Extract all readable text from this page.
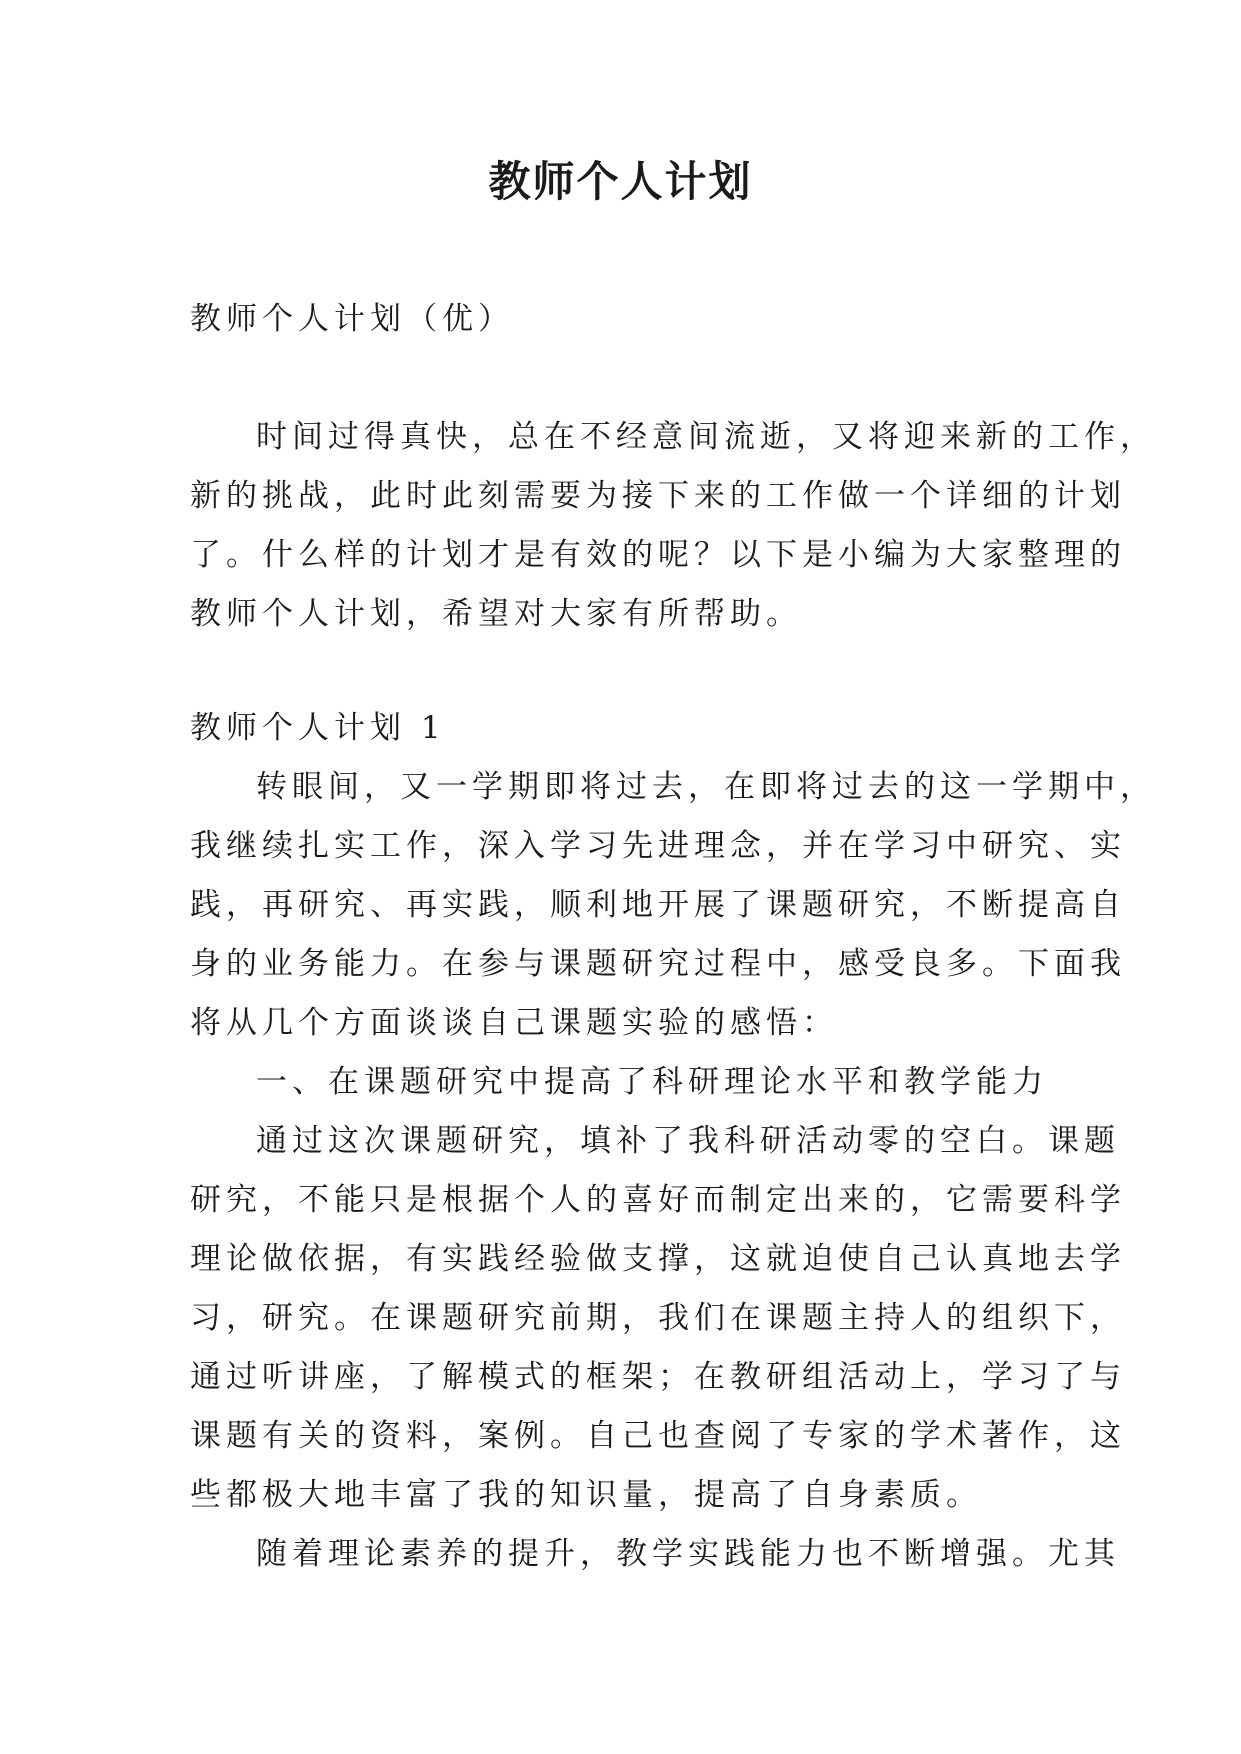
教师个人计划
教师个人计划（优）
时间过得真快，总在不经意间流逝，又将迎来新的工作，
新的挑战，此时此刻需要为接下来的工作做一个详细的计划
了。什么样的计划才是有效的呢？以下是小编为大家整理的
教师个人计划，希望对大家有所帮助。
教师个人计划 1
转眼间，又一学期即将过去，在即将过去的这一学期中，
我继续扎实工作，深入学习先进理念，并在学习中研究、实
践，再研究、再实践，顺利地开展了课题研究，不断提高自
身的业务能力。在参与课题研究过程中，感受良多。下面我
将从几个方面谈谈自己课题实验的感悟：
一、在课题研究中提高了科研理论水平和教学能力
通过这次课题研究，填补了我科研活动零的空白。课题
研究，不能只是根据个人的喜好而制定出来的，它需要科学
理论做依据，有实践经验做支撑，这就迫使自己认真地去学
习，研究。在课题研究前期，我们在课题主持人的组织下，
通过听讲座，了解模式的框架；在教研组活动上，学习了与
课题有关的资料，案例。自己也查阅了专家的学术著作，这
些都极大地丰富了我的知识量，提高了自身素质。
随着理论素养的提升，教学实践能力也不断增强。尤其
